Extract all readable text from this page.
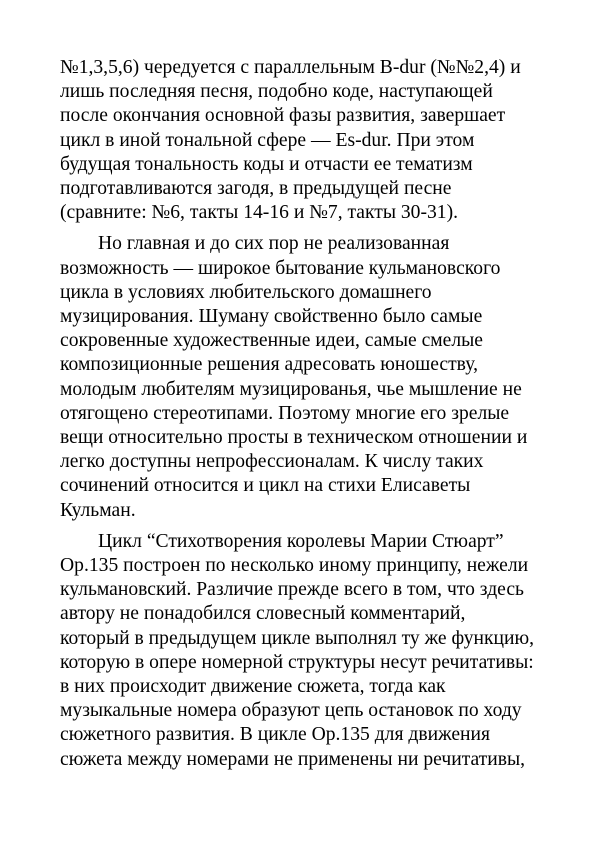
№1,3,5,6) чередуется с параллельным B-dur (№№2,4) и
лишь последняя песня, подобно коде, наступающей
после окончания основной фазы развития, завершает
цикл в иной тональной сфере — Es-dur. При этом
будущая тональность коды и отчасти ее тематизм
подготавливаются загодя, в предыдущей песне
(сравните: №6, такты 14-16 и №7, такты 30-31).
Но главная и до сих пор не реализованная
возможность — широкое бытование кульмановского
цикла в условиях любительского домашнего
музицирования. Шуману свойственно было самые
сокровенные художественные идеи, самые смелые
композиционные решения адресовать юношеству,
молодым любителям музицированья, чье мышление не
отягощено стереотипами. Поэтому многие его зрелые
вещи относительно просты в техническом отношении и
легко доступны непрофессионалам. К числу таких
сочинений относится и цикл на стихи Елисаветы
Кульман.
Цикл “Стихотворения королевы Марии Стюарт”
Op.135 построен по несколько иному принципу, нежели
кульмановский. Различие прежде всего в том, что здесь
автору не понадобился словесный комментарий,
который в предыдущем цикле выполнял ту же функцию,
которую в опере номерной структуры несут речитативы:
в них происходит движение сюжета, тогда как
музыкальные номера образуют цепь остановок по ходу
сюжетного развития. В цикле Op.135 для движения
сюжета между номерами не применены ни речитативы,
